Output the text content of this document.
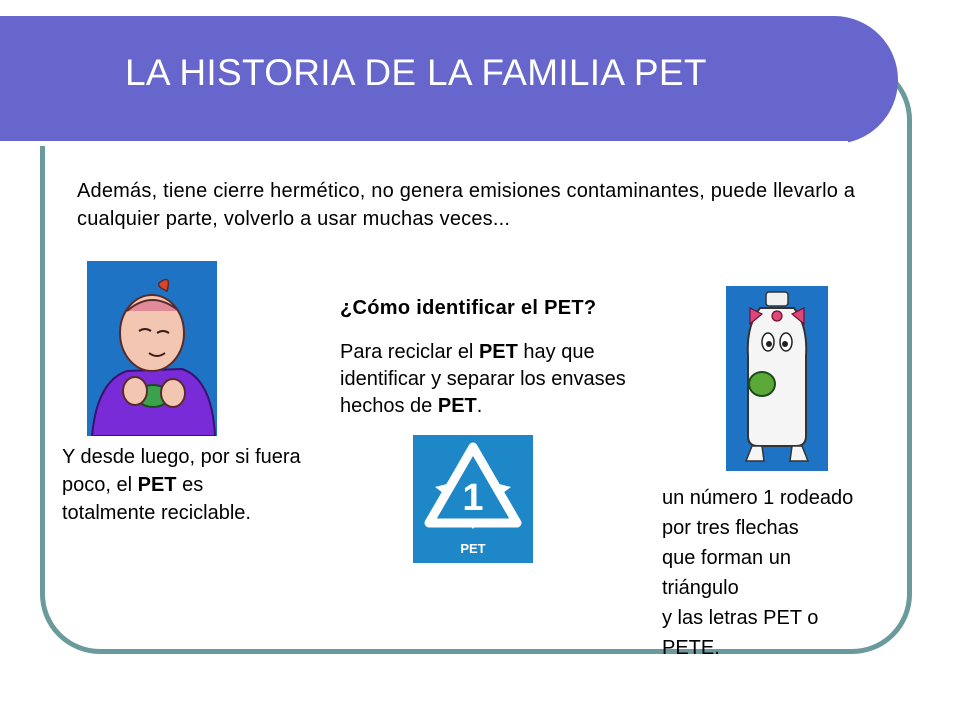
LA HISTORIA DE LA FAMILIA PET

Además, tiene cierre hermético, no genera emisiones contaminantes, puede llevarlo a cualquier parte, volverlo a usar muchas veces...

Y desde luego, por si fuera poco, el PET es totalmente reciclable.

¿Cómo identificar el PET?

Para reciclar el PET hay que identificar y separar los envases hechos de PET.

1
PET

un número 1 rodeado
por tres flechas
que forman un
triángulo
y las letras PET o
PETE.
